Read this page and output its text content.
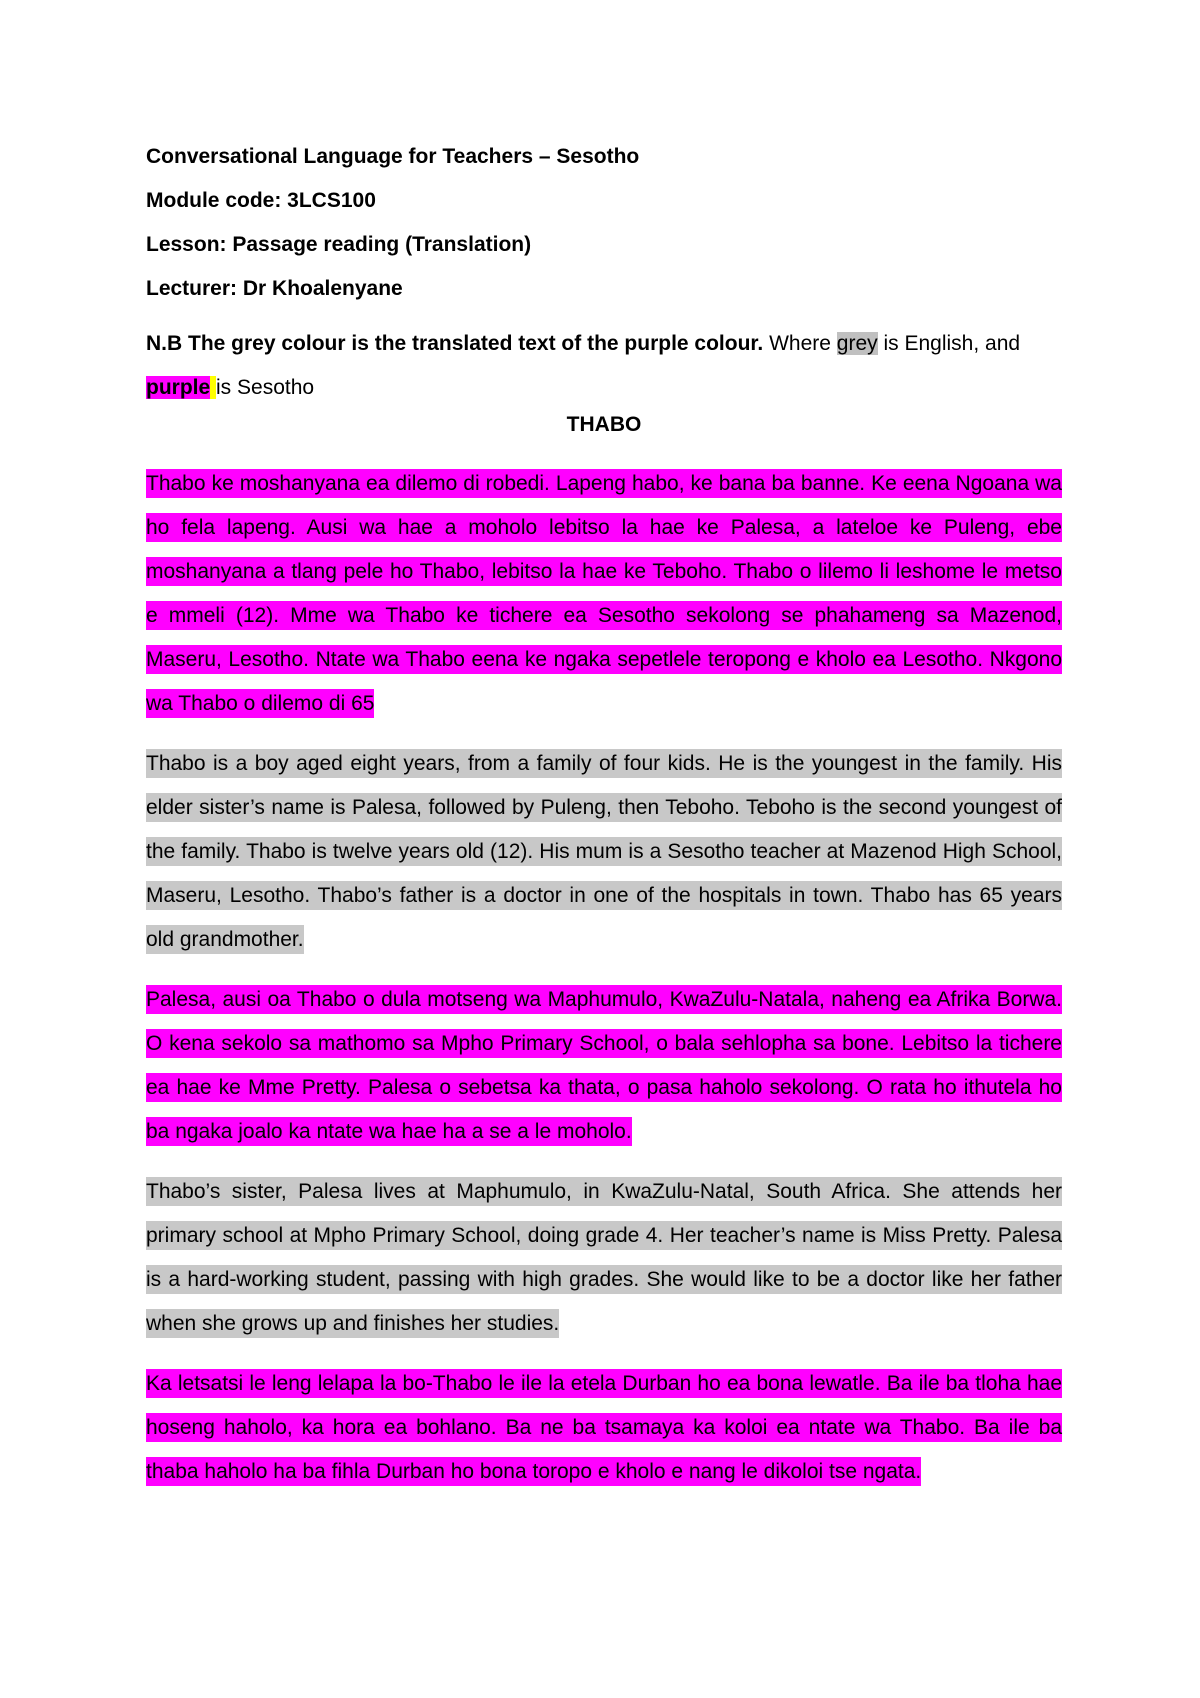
Conversational Language for Teachers – Sesotho
Module code: 3LCS100
Lesson: Passage reading (Translation)
Lecturer: Dr Khoalenyane
N.B The grey colour is the translated text of the purple colour. Where grey is English, and
purple is Sesotho
THABO

Thabo ke moshanyana ea dilemo di robedi. Lapeng habo, ke bana ba banne. Ke eena Ngoana wa ho fela lapeng. Ausi wa hae a moholo lebitso la hae ke Palesa, a lateloe ke Puleng, ebe moshanyana a tlang pele ho Thabo, lebitso la hae ke Teboho. Thabo o lilemo li leshome le metso e mmeli (12). Mme wa Thabo ke tichere ea Sesotho sekolong se phahameng sa Mazenod, Maseru, Lesotho. Ntate wa Thabo eena ke ngaka sepetlele teropong e kholo ea Lesotho. Nkgono wa Thabo o dilemo di 65

Thabo is a boy aged eight years, from a family of four kids. He is the youngest in the family. His elder sister’s name is Palesa, followed by Puleng, then Teboho. Teboho is the second youngest of the family. Thabo is twelve years old (12). His mum is a Sesotho teacher at Mazenod High School, Maseru, Lesotho. Thabo’s father is a doctor in one of the hospitals in town. Thabo has 65 years old grandmother.

Palesa, ausi oa Thabo o dula motseng wa Maphumulo, KwaZulu-Natala, naheng ea Afrika Borwa. O kena sekolo sa mathomo sa Mpho Primary School, o bala sehlopha sa bone. Lebitso la tichere ea hae ke Mme Pretty. Palesa o sebetsa ka thata, o pasa haholo sekolong. O rata ho ithutela ho ba ngaka joalo ka ntate wa hae ha a se a le moholo.

Thabo’s sister, Palesa lives at Maphumulo, in KwaZulu-Natal, South Africa. She attends her primary school at Mpho Primary School, doing grade 4. Her teacher’s name is Miss Pretty. Palesa is a hard-working student, passing with high grades. She would like to be a doctor like her father when she grows up and finishes her studies.

Ka letsatsi le leng lelapa la bo-Thabo le ile la etela Durban ho ea bona lewatle. Ba ile ba tloha hae hoseng haholo, ka hora ea bohlano. Ba ne ba tsamaya ka koloi ea ntate wa Thabo. Ba ile ba thaba haholo ha ba fihla Durban ho bona toropo e kholo e nang le dikoloi tse ngata.
